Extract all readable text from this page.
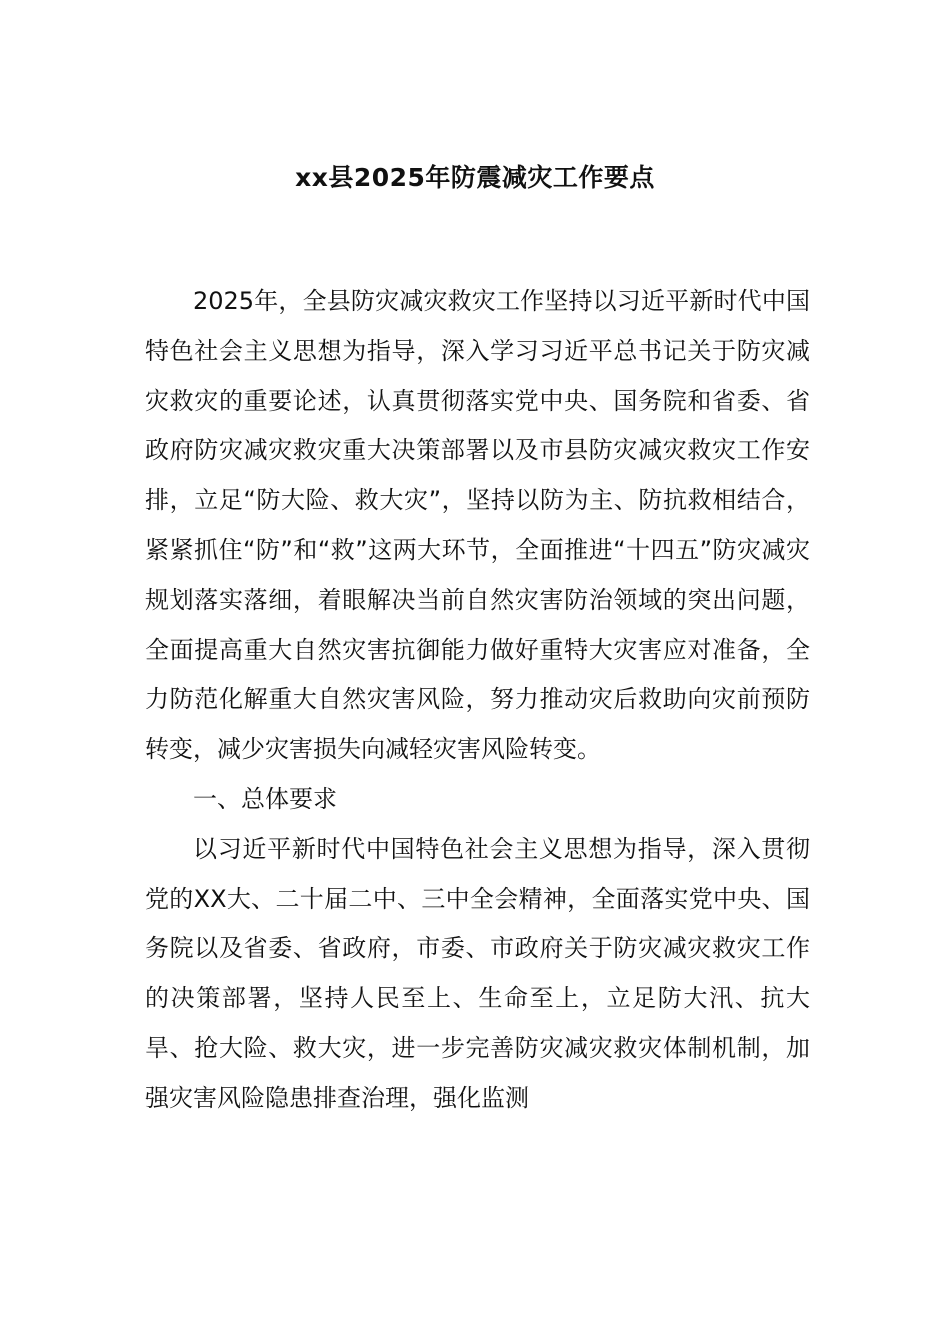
xx县2025年防震减灾工作要点

2025年，全县防灾减灾救灾工作坚持以习近平新时代中国特色社会主义思想为指导，深入学习习近平总书记关于防灾减灾救灾的重要论述，认真贯彻落实党中央、国务院和省委、省政府防灾减灾救灾重大决策部署以及市县防灾减灾救灾工作安排，立足“防大险、救大灾”，坚持以防为主、防抗救相结合，紧紧抓住“防”和“救”这两大环节，全面推进“十四五”防灾减灾规划落实落细，着眼解决当前自然灾害防治领域的突出问题，全面提高重大自然灾害抗御能力做好重特大灾害应对准备，全力防范化解重大自然灾害风险，努力推动灾后救助向灾前预防转变，减少灾害损失向减轻灾害风险转变。

一、总体要求

以习近平新时代中国特色社会主义思想为指导，深入贯彻党的XX大、二十届二中、三中全会精神，全面落实党中央、国务院以及省委、省政府，市委、市政府关于防灾减灾救灾工作的决策部署，坚持人民至上、生命至上，立足防大汛、抗大旱、抢大险、救大灾，进一步完善防灾减灾救灾体制机制，加强灾害风险隐患排查治理，强化监测
